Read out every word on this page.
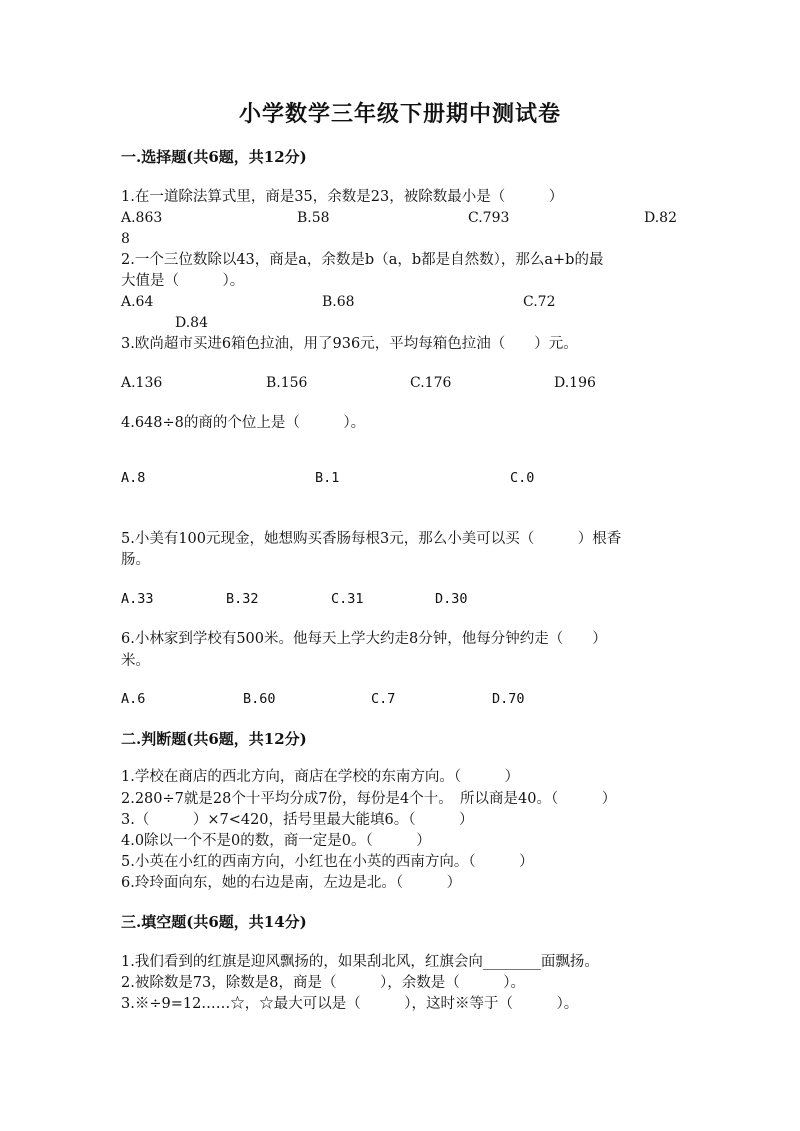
小学数学三年级下册期中测试卷
一.选择题(共6题，共12分)
1.在一道除法算式里，商是35，余数是23，被除数最小是（　　　）
A.863	B.58	C.793	D.82
8
2.一个三位数除以43，商是a，余数是b（a，b都是自然数），那么a+b的最
大值是（　　　）。
A.64	B.68	C.72
D.84
3.欧尚超市买进6箱色拉油，用了936元，平均每箱色拉油（　　）元。
A.136	B.156	C.176	D.196
4.648÷8的商的个位上是（　　　）。
A.8	B.1	C.0
5.小美有100元现金，她想购买香肠每根3元，那么小美可以买（　　　）根香
肠。
A.33	B.32	C.31	D.30
6.小林家到学校有500米。他每天上学大约走8分钟，他每分钟约走（　　）
米。
A.6	B.60	C.7	D.70
二.判断题(共6题，共12分)
1.学校在商店的西北方向，商店在学校的东南方向。（　　　）
2.280÷7就是28个十平均分成7份，每份是4个十。　所以商是40。（　　　）
3.（　　　）×7<420，括号里最大能填6。（　　　）
4.0除以一个不是0的数，商一定是0。（　　　）
5.小英在小红的西南方向，小红也在小英的西南方向。（　　　）
6.玲玲面向东，她的右边是南，左边是北。（　　　）
三.填空题(共6题，共14分)
1.我们看到的红旗是迎风飘扬的，如果刮北风，红旗会向________面飘扬。
2.被除数是73，除数是8，商是（　　　），余数是（　　　）。
3.※÷9=12……☆，☆最大可以是（　　　），这时※等于（　　　）。
